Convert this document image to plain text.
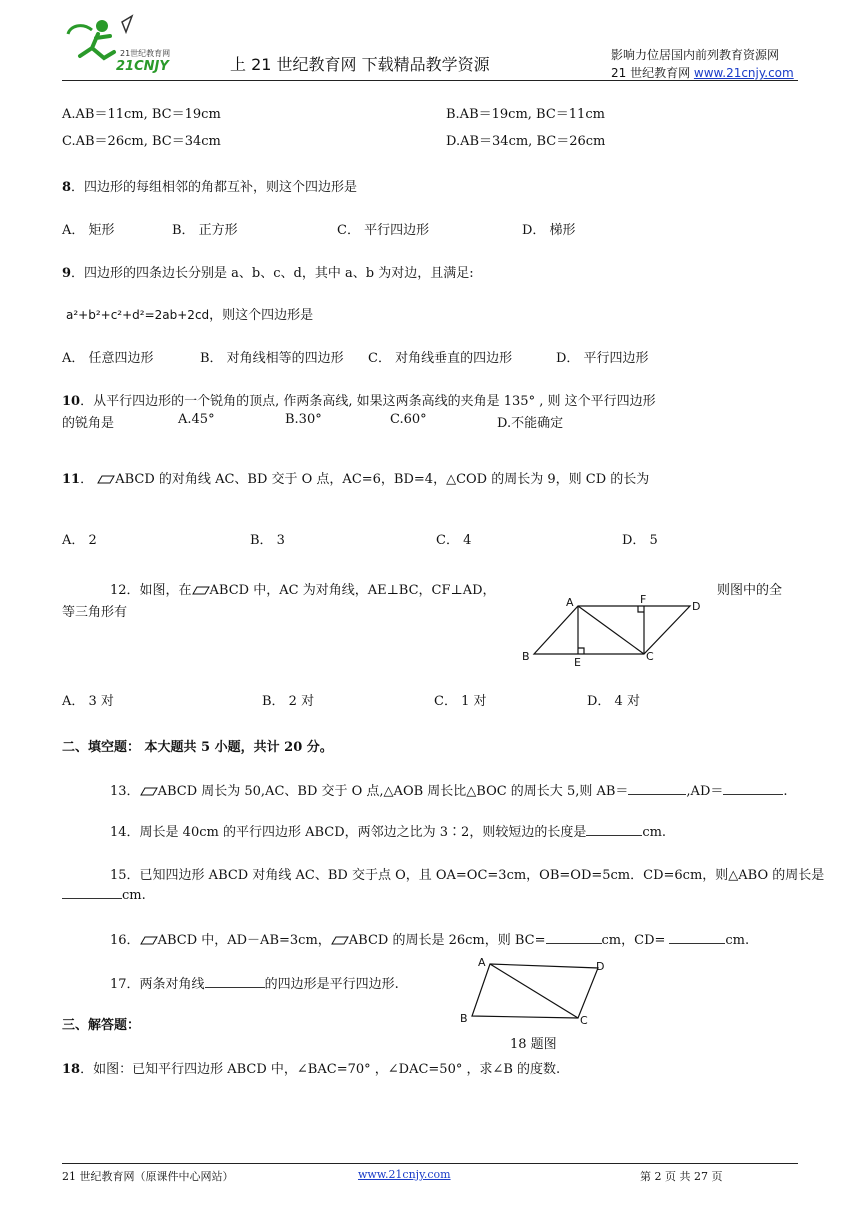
21世纪教育网
21CNJY	上 21 世纪教育网 下载精品教学资源	影响力位居国内前列教育资源网
21 世纪教育网 www.21cnjy.com
A.AB＝11cm, BC＝19cm	B.AB＝19cm, BC＝11cm
C.AB＝26cm, BC＝34cm	D.AB＝34cm, BC＝26cm
8．四边形的每组相邻的角都互补，则这个四边形是
A． 矩形	B． 正方形	C． 平行四边形	D． 梯形
9．四边形的四条边长分别是 a、b、c、d，其中 a、b 为对边，且满足:
a²+b²+c²+d²=2ab+2cd，则这个四边形是
A． 任意四边形	B． 对角线相等的四边形 C． 对角线垂直的四边形	D． 平行四边形
10．从平行四边形的一个锐角的顶点, 作两条高线, 如果这两条高线的夹角是 135° , 则 这个平行四边形
的锐角是	A.45°	B.30°	C.60°	D.不能确定
11． ABCD 的对角线 AC、BD 交于 O 点，AC=6，BD=4，△COD 的周长为 9，则 CD 的长为
A． 2	B． 3	C． 4	D． 5
12．如图，在 ABCD 中，AC 为对角线，AE⊥BC，CF⊥AD，	则图中的全
等三角形有
A
B	C
D
E
F
A． 3 对	B． 2 对	C． 1 对	D． 4 对
二、填空题： 本大题共 5 小题，共计 20 分。
13． ABCD 周长为 50,AC、BD 交于 O 点,△AOB 周长比△BOC 的周长大 5,则 AB＝	,AD＝	.
14．周长是 40cm 的平行四边形 ABCD，两邻边之比为 3∶2，则较短边的长度是	cm.
15．已知四边形 ABCD 对角线 AC、BD 交于点 O，且 OA=OC=3cm，OB=OD=5cm．CD=6cm，则△ABO 的周长是
cm.
16． ABCD 中，AD－AB=3cm， ABCD 的周长是 26cm，则 BC=	cm，CD=	cm.
17．两条对角线	的四边形是平行四边形.
A
B	C
D
18 题图
三、解答题：
18．如图：已知平行四边形 ABCD 中，∠BAC=70° ，∠DAC=50° ，求∠B 的度数.
21 世纪教育网（原课件中心网站）	www.21cnjy.com	第 2 页 共 27 页
